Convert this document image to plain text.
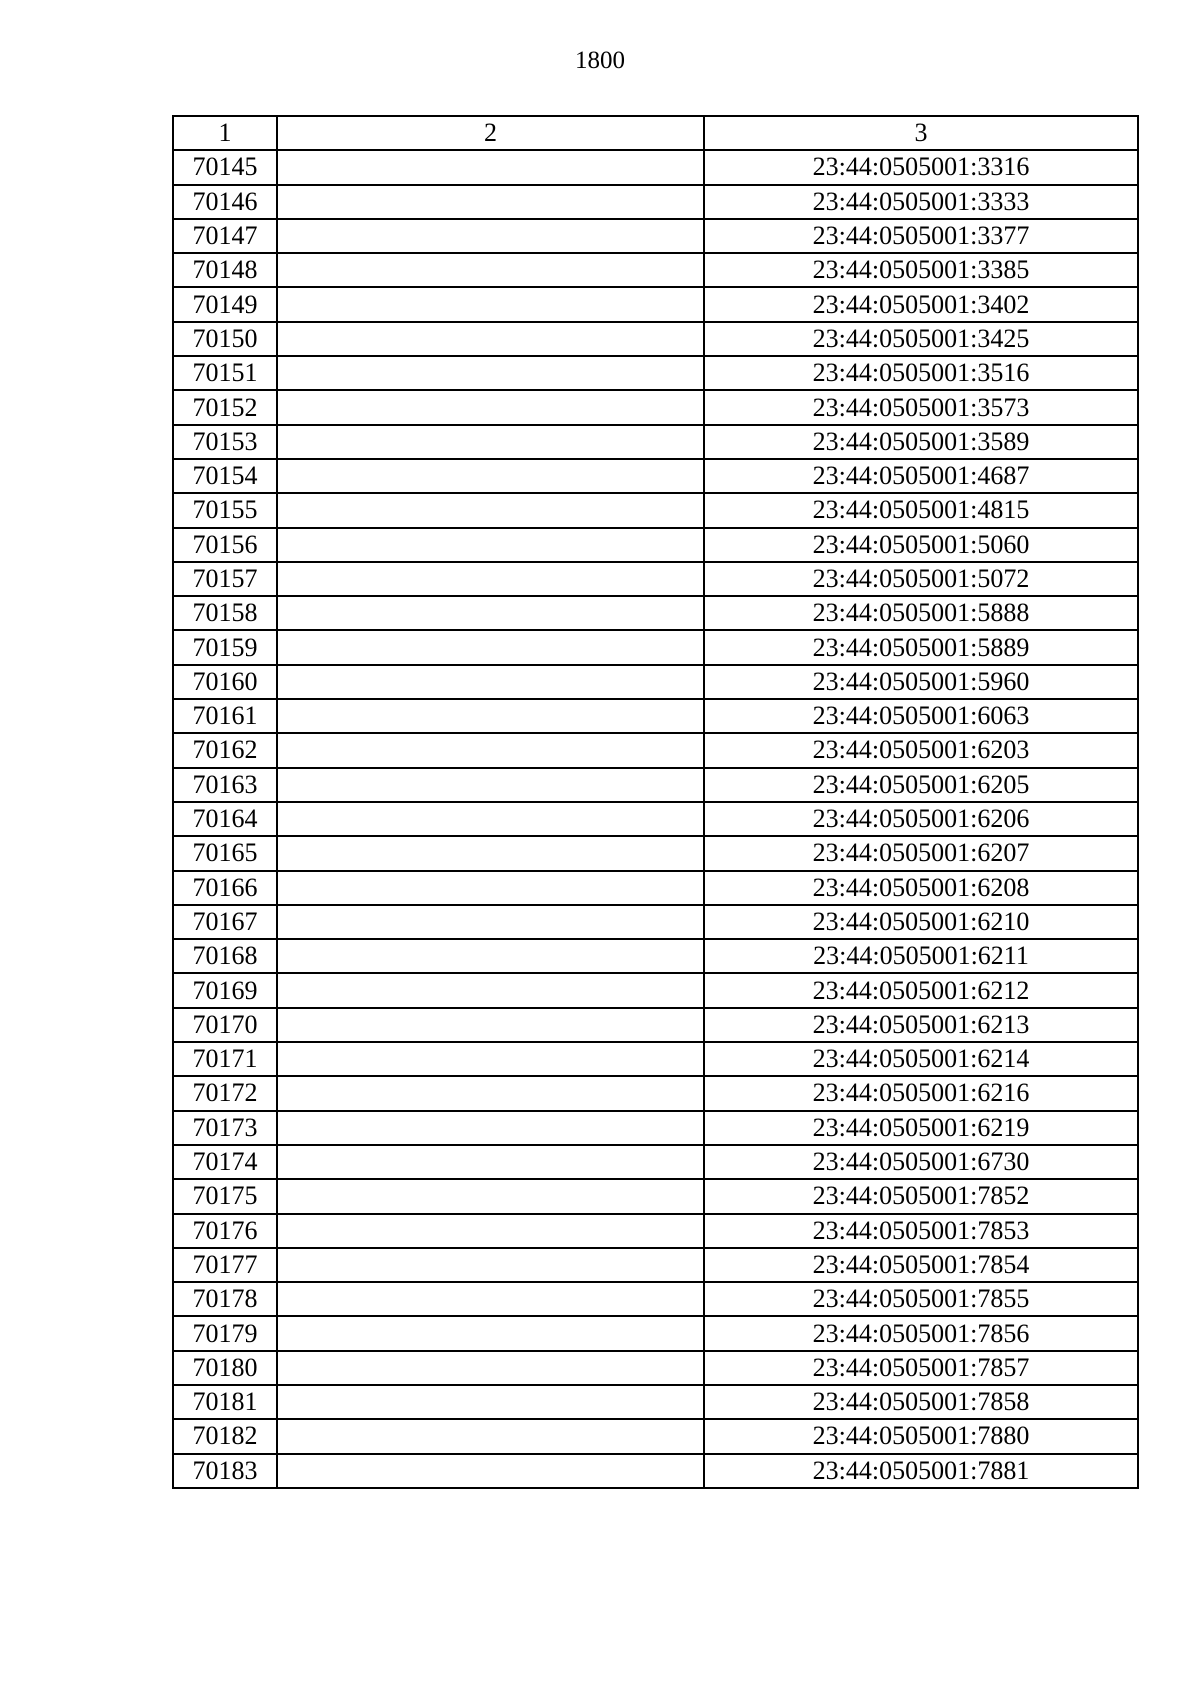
1800
1	2	3
70145		23:44:0505001:3316
70146		23:44:0505001:3333
70147		23:44:0505001:3377
70148		23:44:0505001:3385
70149		23:44:0505001:3402
70150		23:44:0505001:3425
70151		23:44:0505001:3516
70152		23:44:0505001:3573
70153		23:44:0505001:3589
70154		23:44:0505001:4687
70155		23:44:0505001:4815
70156		23:44:0505001:5060
70157		23:44:0505001:5072
70158		23:44:0505001:5888
70159		23:44:0505001:5889
70160		23:44:0505001:5960
70161		23:44:0505001:6063
70162		23:44:0505001:6203
70163		23:44:0505001:6205
70164		23:44:0505001:6206
70165		23:44:0505001:6207
70166		23:44:0505001:6208
70167		23:44:0505001:6210
70168		23:44:0505001:6211
70169		23:44:0505001:6212
70170		23:44:0505001:6213
70171		23:44:0505001:6214
70172		23:44:0505001:6216
70173		23:44:0505001:6219
70174		23:44:0505001:6730
70175		23:44:0505001:7852
70176		23:44:0505001:7853
70177		23:44:0505001:7854
70178		23:44:0505001:7855
70179		23:44:0505001:7856
70180		23:44:0505001:7857
70181		23:44:0505001:7858
70182		23:44:0505001:7880
70183		23:44:0505001:7881
